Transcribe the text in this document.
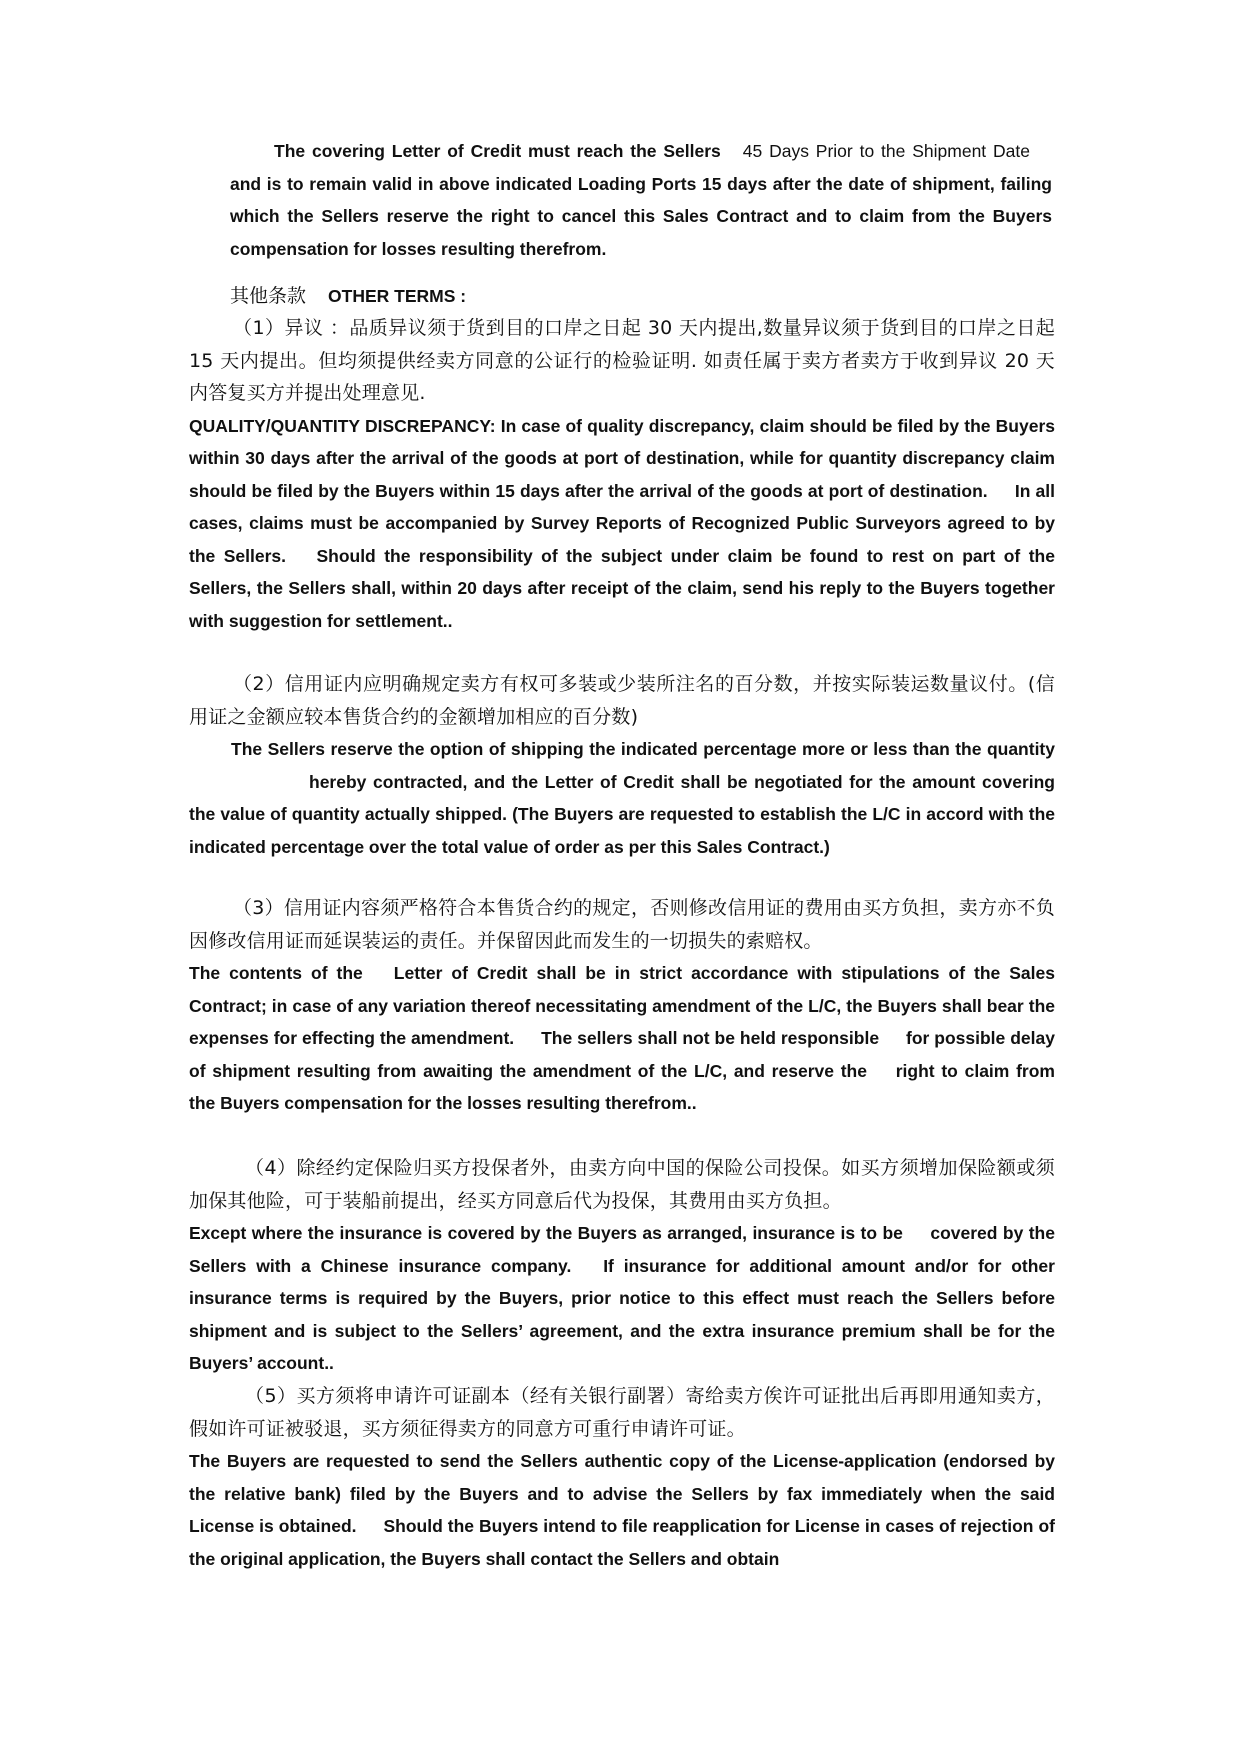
The covering Letter of Credit must reach the Sellers 45 Days Prior to the Shipment Dateand is to remain valid in above indicated Loading Ports 15 days after the date of shipment, failing which the Sellers reserve the right to cancel this Sales Contract and to claim from the Buyers compensation for losses resulting therefrom.

其他条款 OTHER TERMS :

（1）异议 ：品质异议须于货到目的口岸之日起 30 天内提出,数量异议须于货到目的口岸之日起 15 天内提出。但均须提供经卖方同意的公证行的检验证明. 如责任属于卖方者卖方于收到异议 20 天内答复买方并提出处理意见.

QUALITY/QUANTITY DISCREPANCY: In case of quality discrepancy, claim should be filed by the Buyers within 30 days after the arrival of the goods at port of destination, while for quantity discrepancy claim should be filed by the Buyers within 15 days after the arrival of the goods at port of destination. In all cases, claims must be accompanied by Survey Reports of Recognized Public Surveyors agreed to by the Sellers. Should the responsibility of the subject under claim be found to rest on part of the Sellers, the Sellers shall, within 20 days after receipt of the claim, send his reply to the Buyers together with suggestion for settlement..

（2）信用证内应明确规定卖方有权可多装或少装所注名的百分数，并按实际装运数量议付。(信用证之金额应较本售货合约的金额增加相应的百分数)

The Sellers reserve the option of shipping the indicated percentage more or less than the quantityhereby contracted, and the Letter of Credit shall be negotiated for the amount covering the value of quantity actually shipped. (The Buyers are requested to establish the L/C in accord with the indicated percentage over the total value of order as per this Sales Contract.)

（3）信用证内容须严格符合本售货合约的规定，否则修改信用证的费用由买方负担，卖方亦不负因修改信用证而延误装运的责任。并保留因此而发生的一切损失的索赔权。

The contents of the Letter of Credit shall be in strict accordance with stipulations of the Sales Contract; in case of any variation thereof necessitating amendment of the L/C, the Buyers shall bear the expenses for effecting the amendment. The sellers shall not be held responsible for possible delay of shipment resulting from awaiting the amendment of the L/C, and reserve the right to claim from the Buyers compensation for the losses resulting therefrom..

（4）除经约定保险归买方投保者外，由卖方向中国的保险公司投保。如买方须增加保险额或须加保其他险，可于装船前提出，经买方同意后代为投保，其费用由买方负担。

Except where the insurance is covered by the Buyers as arranged, insurance is to be covered by the Sellers with a Chinese insurance company. If insurance for additional amount and/or for other insurance terms is required by the Buyers, prior notice to this effect must reach the Sellers before shipment and is subject to the Sellers’ agreement, and the extra insurance premium shall be for the Buyers’ account..

（5）买方须将申请许可证副本（经有关银行副署）寄给卖方俟许可证批出后再即用通知卖方，假如许可证被驳退，买方须征得卖方的同意方可重行申请许可证。

The Buyers are requested to send the Sellers authentic copy of the License-application (endorsed by the relative bank) filed by the Buyers and to advise the Sellers by fax immediately when the said License is obtained. Should the Buyers intend to file reapplication for License in cases of rejection of the original application, the Buyers shall contact the Sellers and obtain
